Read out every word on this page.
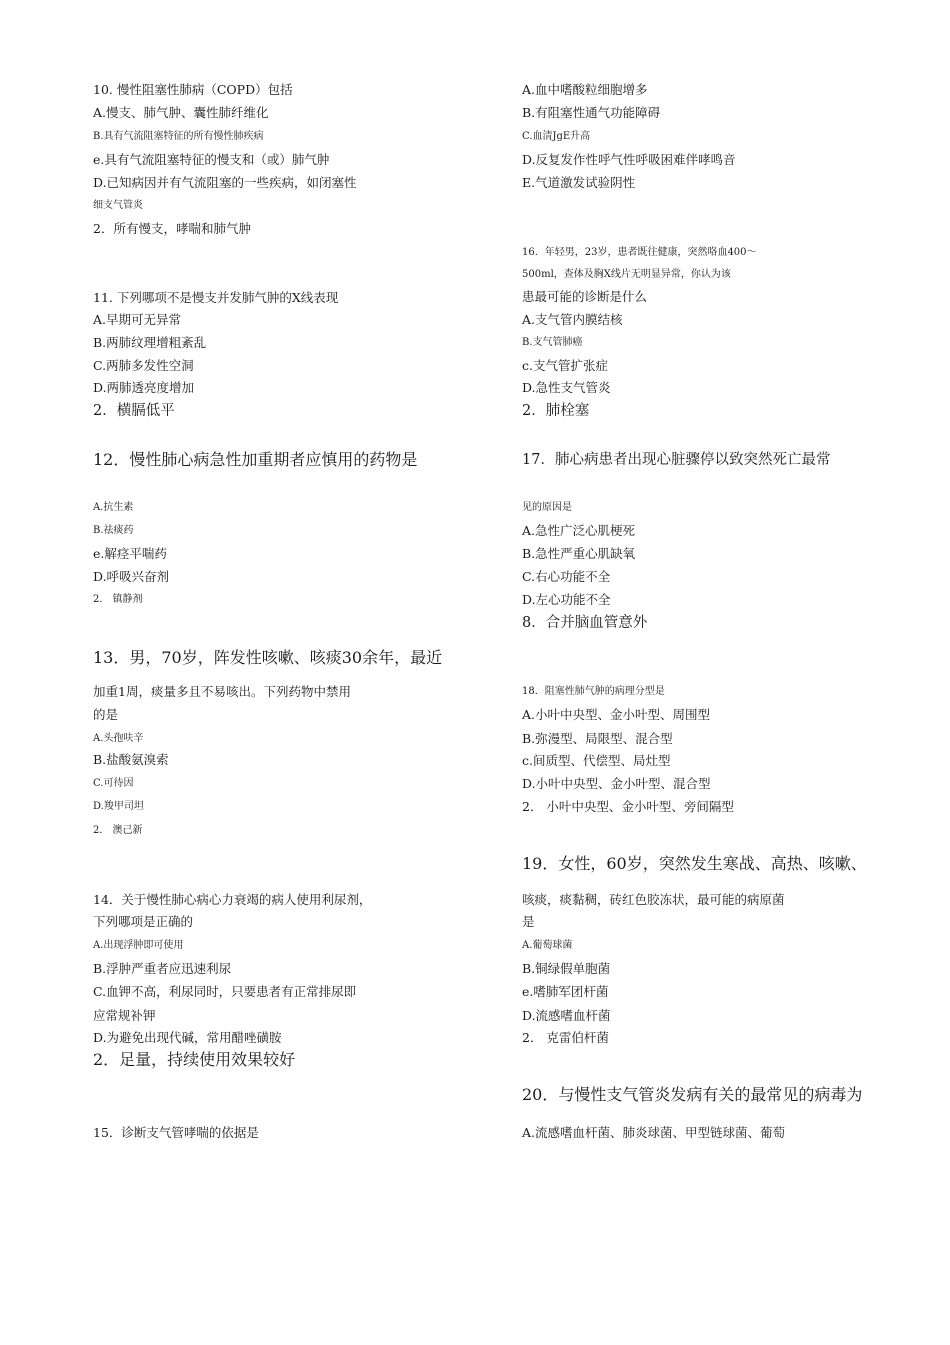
10. 慢性阻塞性肺病（COPD）包括
A.慢支、肺气肿、囊性肺纤维化
B.具有气流阻塞特征的所有慢性肺疾病
e.具有气流阻塞特征的慢支和（或）肺气肿
D.已知病因并有气流阻塞的一些疾病，如闭塞性
细支气管炎
2．所有慢支，哮喘和肺气肿
11. 下列哪项不是慢支并发肺气肿的X线表现
A.早期可无异常
B.两肺纹理增粗紊乱
C.两肺多发性空洞
D.两肺透亮度增加
2．横膈低平
12．慢性肺心病急性加重期者应慎用的药物是
A.抗生素
B.祛痰药
e.解痉平喘药
D.呼吸兴奋剂
2． 镇静剂
13．男，70岁，阵发性咳嗽、咳痰30余年，最近
加重1周，痰量多且不易咳出。下列药物中禁用
的是
A.头孢呋辛
B.盐酸氨溴索
C.可待因
D.羧甲司坦
2． 澳己新
14．关于慢性肺心病心力衰竭的病人使用利尿剂，
下列哪项是正确的
A.出现浮肿即可使用
B.浮肿严重者应迅速利尿
C.血钾不高，利尿同时，只要患者有正常排尿即
应常规补钾
D.为避免出现代碱，常用醋唑磺胺
2．足量，持续使用效果较好
15．诊断支气管哮喘的依据是
A.血中嗜酸粒细胞增多
B.有阻塞性通气功能障碍
C.血清JgE升高
D.反复发作性呼气性呼吸困难伴哮鸣音
E.气道激发试验阴性
16．年轻男，23岁，患者既往健康，突然咯血400～
500ml，查体及胸X线片无明显异常，你认为该
患最可能的诊断是什么
A.支气管内膜结核
B.支气管肺癌
c.支气管扩张症
D.急性支气管炎
2．肺栓塞
17．肺心病患者出现心脏骤停以致突然死亡最常
见的原因是
A.急性广泛心肌梗死
B.急性严重心肌缺氧
C.右心功能不全
D.左心功能不全
8．合并脑血管意外
18．阻塞性肺气肿的病理分型是
A.小叶中央型、金小叶型、周围型
B.弥漫型、局限型、混合型
c.间质型、代偿型、局灶型
D.小叶中央型、金小叶型、混合型
2． 小叶中央型、金小叶型、旁间隔型
19．女性，60岁，突然发生寒战、高热、咳嗽、
咳痰，痰黏稠，砖红色胶冻状，最可能的病原菌
是
A.葡萄球菌
B.铜绿假单胞菌
e.嗜肺军团杆菌
D.流感嗜血杆菌
2． 克雷伯杆菌
20．与慢性支气管炎发病有关的最常见的病毒为
A.流感嗜血杆菌、肺炎球菌、甲型链球菌、葡萄
